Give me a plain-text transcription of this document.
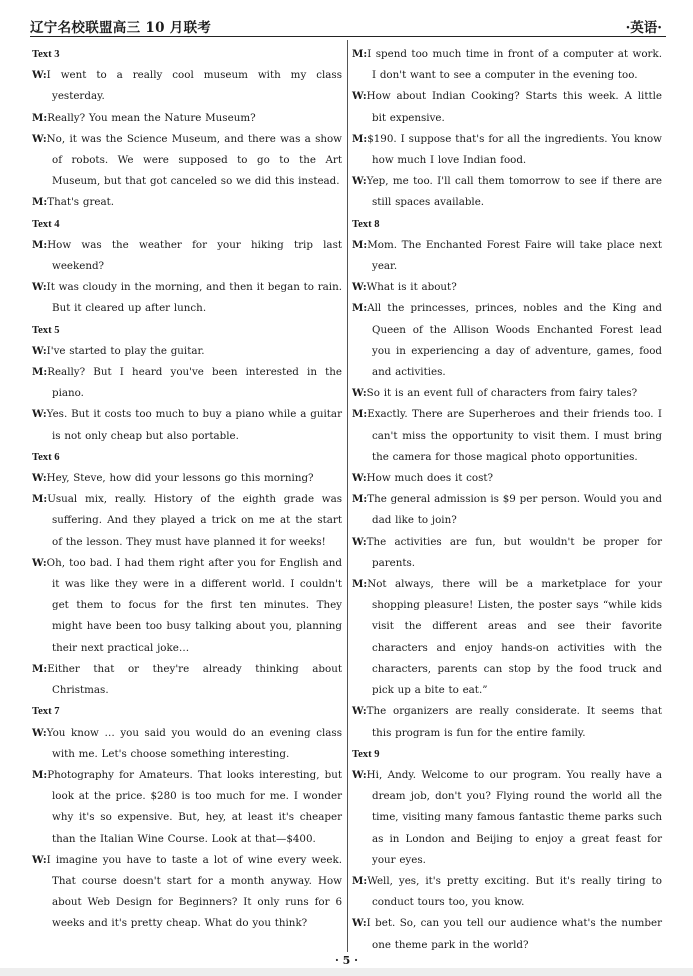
辽宁名校联盟高三 10 月联考	·英语·
Text 3
W:I went to a really cool museum with my class yesterday.
M:Really? You mean the Nature Museum?
W:No, it was the Science Museum, and there was a show of robots. We were supposed to go to the Art Museum, but that got canceled so we did this instead.
M:That's great.
Text 4
M:How was the weather for your hiking trip last weekend?
W:It was cloudy in the morning, and then it began to rain. But it cleared up after lunch.
Text 5
W:I've started to play the guitar.
M:Really? But I heard you've been interested in the piano.
W:Yes. But it costs too much to buy a piano while a guitar is not only cheap but also portable.
Text 6
W:Hey, Steve, how did your lessons go this morning?
M:Usual mix, really. History of the eighth grade was suffering. And they played a trick on me at the start of the lesson. They must have planned it for weeks!
W:Oh, too bad. I had them right after you for English and it was like they were in a different world. I couldn't get them to focus for the first ten minutes. They might have been too busy talking about you, planning their next practical joke…
M:Either that or they're already thinking about Christmas.
Text 7
W:You know … you said you would do an evening class with me. Let's choose something interesting.
M:Photography for Amateurs. That looks interesting, but look at the price. $280 is too much for me. I wonder why it's so expensive. But, hey, at least it's cheaper than the Italian Wine Course. Look at that—$400.
W:I imagine you have to taste a lot of wine every week. That course doesn't start for a month anyway. How about Web Design for Beginners? It only runs for 6 weeks and it's pretty cheap. What do you think?
M:I spend too much time in front of a computer at work. I don't want to see a computer in the evening too.
W:How about Indian Cooking? Starts this week. A little bit expensive.
M:$190. I suppose that's for all the ingredients. You know how much I love Indian food.
W:Yep, me too. I'll call them tomorrow to see if there are still spaces available.
Text 8
M:Mom. The Enchanted Forest Faire will take place next year.
W:What is it about?
M:All the princesses, princes, nobles and the King and Queen of the Allison Woods Enchanted Forest lead you in experiencing a day of adventure, games, food and activities.
W:So it is an event full of characters from fairy tales?
M:Exactly. There are Superheroes and their friends too. I can't miss the opportunity to visit them. I must bring the camera for those magical photo opportunities.
W:How much does it cost?
M:The general admission is $9 per person. Would you and dad like to join?
W:The activities are fun, but wouldn't be proper for parents.
M:Not always, there will be a marketplace for your shopping pleasure! Listen, the poster says “while kids visit the different areas and see their favorite characters and enjoy hands-on activities with the characters, parents can stop by the food truck and pick up a bite to eat.”
W:The organizers are really considerate. It seems that this program is fun for the entire family.
Text 9
W:Hi, Andy. Welcome to our program. You really have a dream job, don't you? Flying round the world all the time, visiting many famous fantastic theme parks such as in London and Beijing to enjoy a great feast for your eyes.
M:Well, yes, it's pretty exciting. But it's really tiring to conduct tours too, you know.
W:I bet. So, can you tell our audience what's the number one theme park in the world?
· 5 ·
